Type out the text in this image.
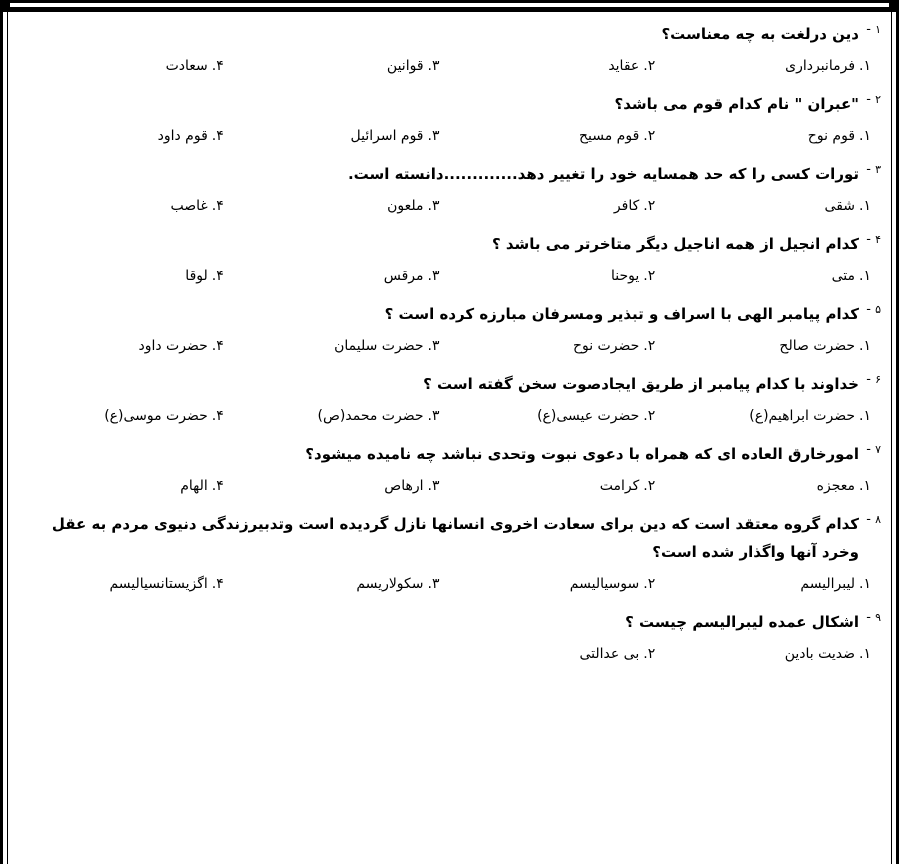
۱ -
دین درلغت به چه معناست؟
۱ .فرمانبرداری
۲ .عقاید
۳ .قوانین
۴ .سعادت
۲ -
"عبران " نام کدام قوم می باشد؟
۱ .قوم نوح
۲ .قوم مسیح
۳ .قوم اسرائیل
۴ .قوم داود
۳ -
تورات کسی را که حد همسایه خود را تغییر دهد.............دانسته است.
۱ .شقی
۲ .کافر
۳ .ملعون
۴ .غاصب
۴ -
کدام انجیل از همه اناجیل دیگر متاخرتر می باشد ؟
۱ .متی
۲ .یوحنا
۳ .مرقس
۴ .لوقا
۵ -
کدام پیامبر الهی با اسراف و تبذیر ومسرفان مبارزه کرده است ؟
۱ .حضرت صالح
۲ .حضرت نوح
۳ .حضرت سلیمان
۴ .حضرت داود
۶ -
خداوند با کدام پیامبر از طریق ایجادصوت سخن گفته است ؟
۱ .حضرت ابراهیم(ع)
۲ .حضرت عیسی(ع)
۳ .حضرت محمد(ص)
۴ .حضرت موسی(ع)
۷ -
امورخارق العاده ای که همراه با دعوی نبوت وتحدی نباشد چه نامیده میشود؟
۱ .معجزه
۲ .کرامت
۳ .ارهاص
۴ .الهام
۸ -
کدام گروه معتقد است که دین برای سعادت اخروی انسانها نازل گردیده است وتدبیرزندگی دنیوی مردم به عقل وخرد آنها واگذار شده است؟
۱ .لیبرالیسم
۲ .سوسیالیسم
۳ .سکولاریسم
۴ .اگزیستانسیالیسم
۹ -
اشکال عمده لیبرالیسم چیست ؟
۱ .ضدیت بادین
۲ .بی عدالتی
